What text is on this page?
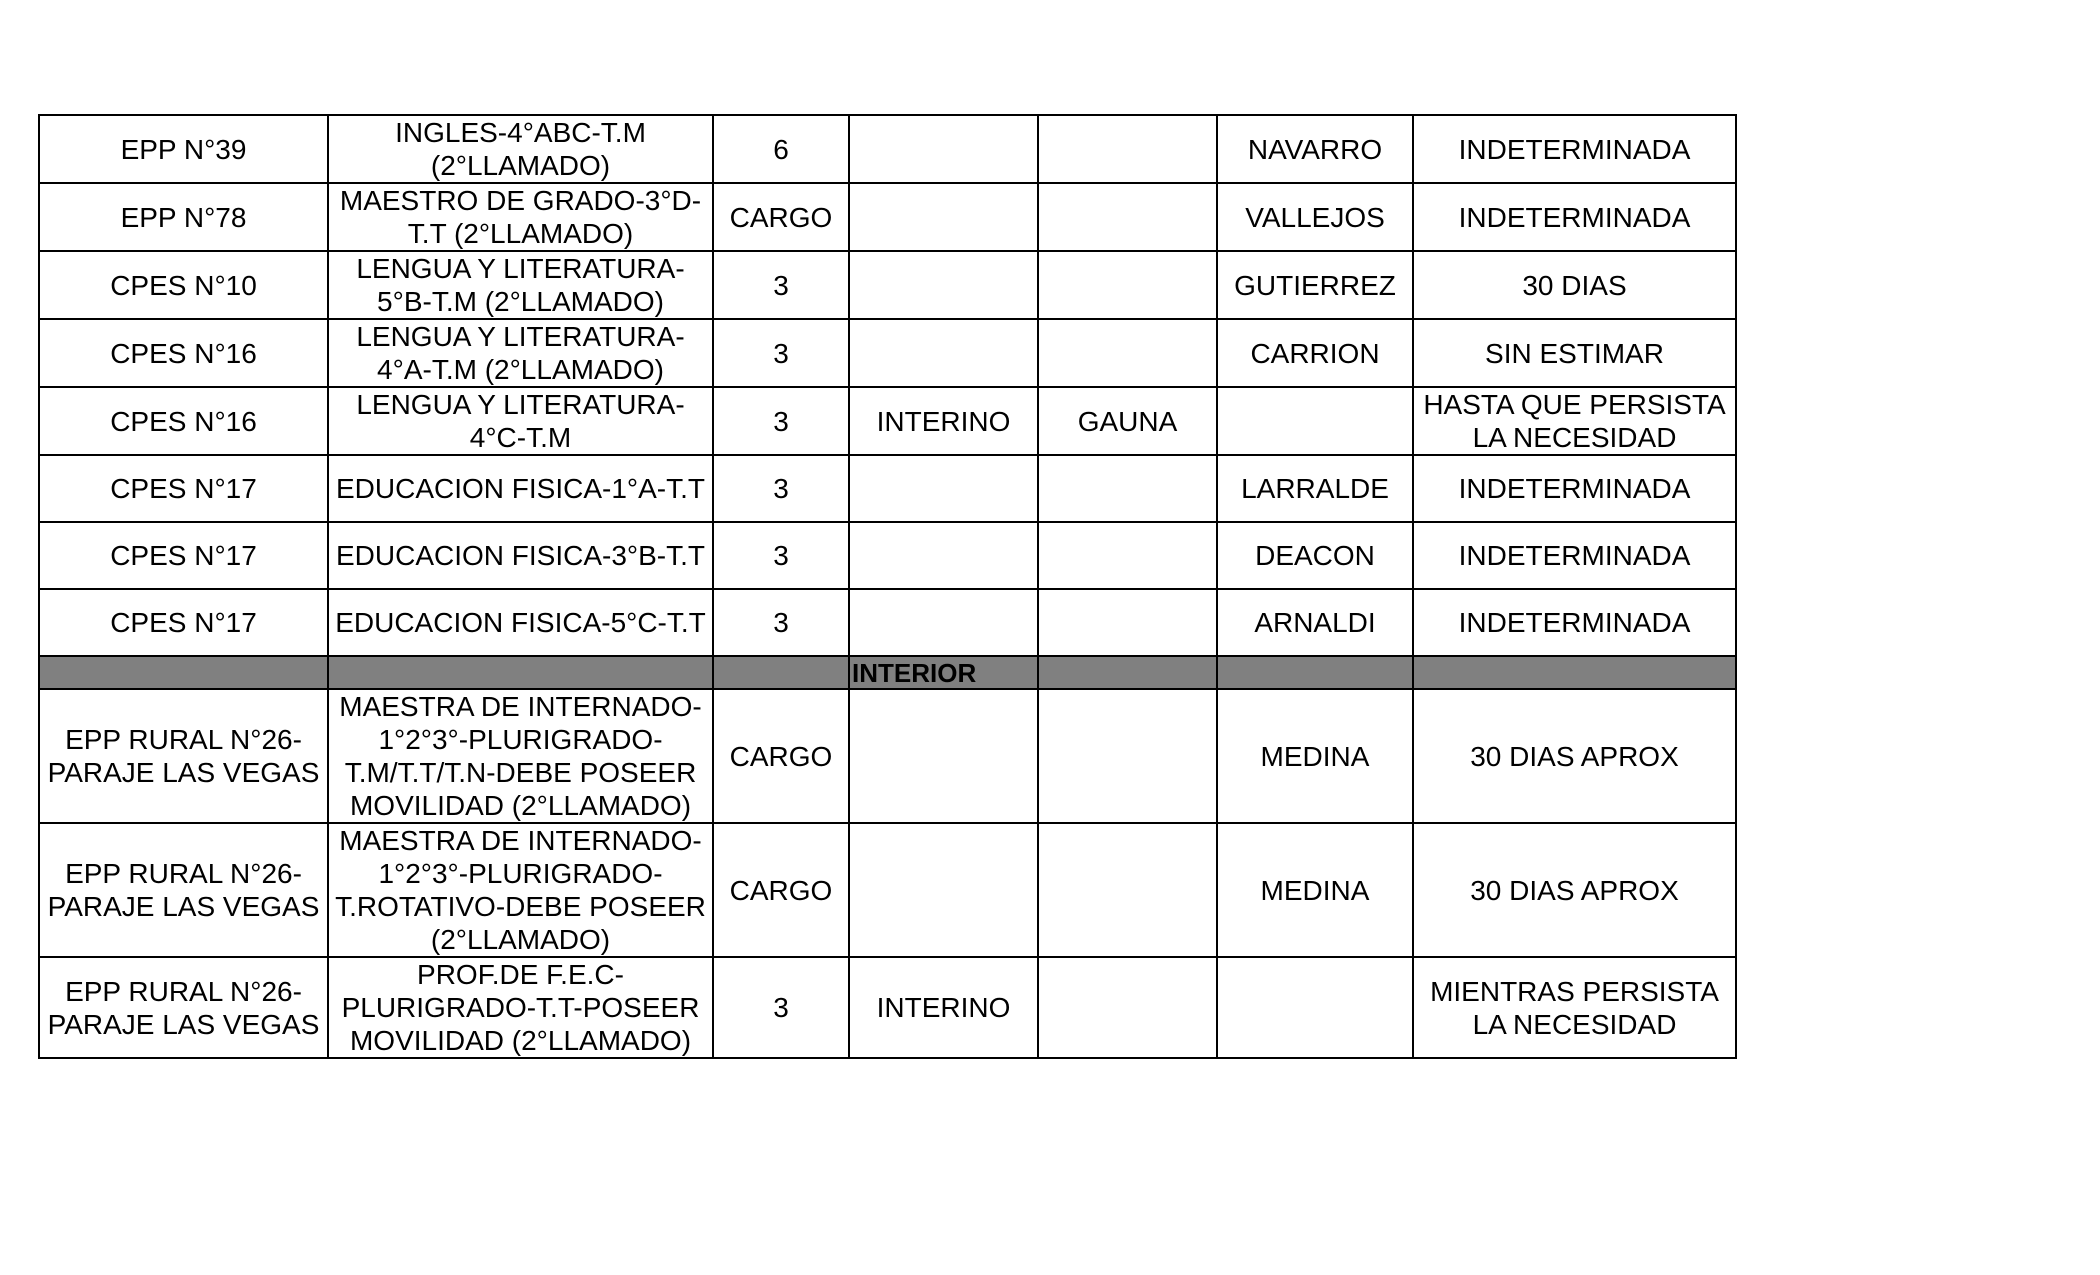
EPP N°39	INGLES-4°ABC-T.M (2°LLAMADO)	6			NAVARRO	INDETERMINADA
EPP N°78	MAESTRO DE GRADO-3°D-T.T (2°LLAMADO)	CARGO			VALLEJOS	INDETERMINADA
CPES N°10	LENGUA Y LITERATURA-5°B-T.M (2°LLAMADO)	3			GUTIERREZ	30 DIAS
CPES N°16	LENGUA Y LITERATURA-4°A-T.M (2°LLAMADO)	3			CARRION	SIN ESTIMAR
CPES N°16	LENGUA Y LITERATURA-4°C-T.M	3	INTERINO	GAUNA		HASTA QUE PERSISTA LA NECESIDAD
CPES N°17	EDUCACION FISICA-1°A-T.T	3			LARRALDE	INDETERMINADA
CPES N°17	EDUCACION FISICA-3°B-T.T	3			DEACON	INDETERMINADA
CPES N°17	EDUCACION FISICA-5°C-T.T	3			ARNALDI	INDETERMINADA
			INTERIOR			
EPP RURAL N°26-PARAJE LAS VEGAS	MAESTRA DE INTERNADO-1°2°3°-PLURIGRADO-T.M/T.T/T.N-DEBE POSEER MOVILIDAD (2°LLAMADO)	CARGO			MEDINA	30 DIAS APROX
EPP RURAL N°26-PARAJE LAS VEGAS	MAESTRA DE INTERNADO-1°2°3°-PLURIGRADO-T.ROTATIVO-DEBE POSEER (2°LLAMADO)	CARGO			MEDINA	30 DIAS APROX
EPP RURAL N°26-PARAJE LAS VEGAS	PROF.DE F.E.C-PLURIGRADO-T.T-POSEER MOVILIDAD (2°LLAMADO)	3	INTERINO			MIENTRAS PERSISTA LA NECESIDAD
